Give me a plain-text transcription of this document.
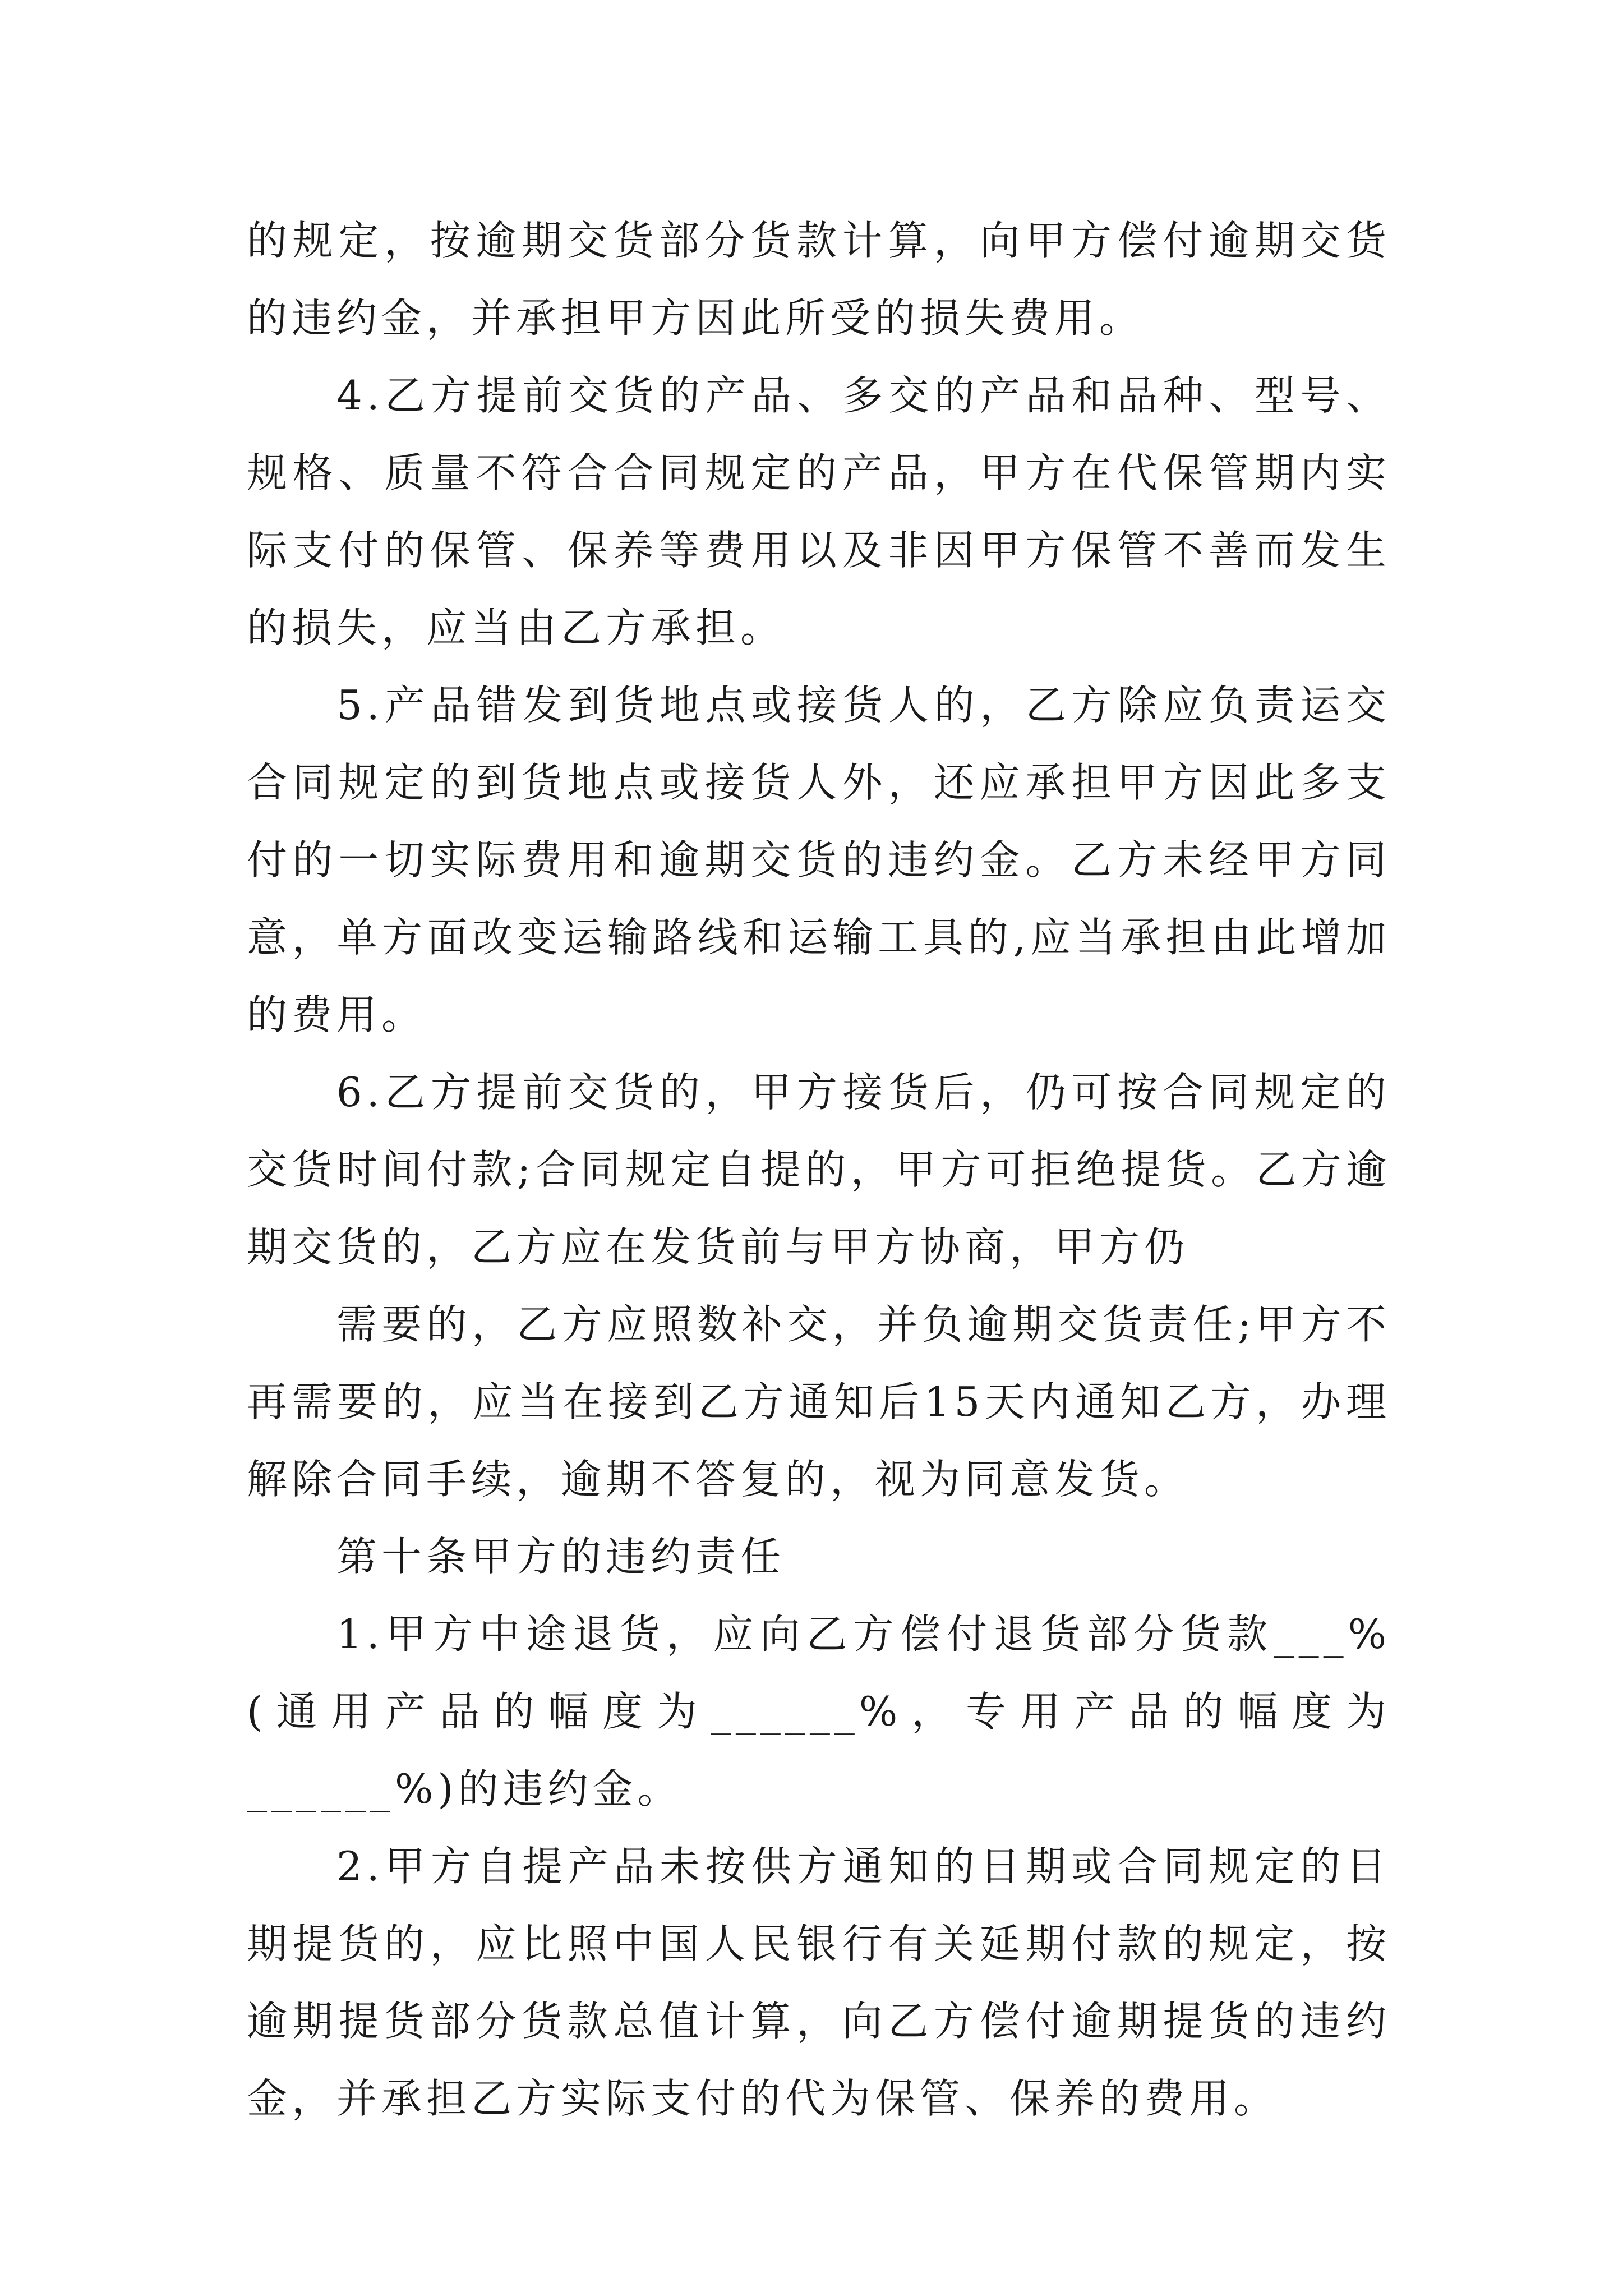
的规定，按逾期交货部分货款计算，向甲方偿付逾期交货的违约金，并承担甲方因此所受的损失费用。

4.乙方提前交货的产品、多交的产品和品种、型号、规格、质量不符合合同规定的产品，甲方在代保管期内实际支付的保管、保养等费用以及非因甲方保管不善而发生的损失，应当由乙方承担。

5.产品错发到货地点或接货人的，乙方除应负责运交合同规定的到货地点或接货人外，还应承担甲方因此多支付的一切实际费用和逾期交货的违约金。乙方未经甲方同意，单方面改变运输路线和运输工具的,应当承担由此增加的费用。

6.乙方提前交货的，甲方接货后，仍可按合同规定的交货时间付款;合同规定自提的，甲方可拒绝提货。乙方逾期交货的，乙方应在发货前与甲方协商，甲方仍

需要的，乙方应照数补交，并负逾期交货责任;甲方不再需要的，应当在接到乙方通知后15天内通知乙方，办理解除合同手续，逾期不答复的，视为同意发货。

第十条甲方的违约责任

1.甲方中途退货，应向乙方偿付退货部分货款___%(通用产品的幅度为______%，专用产品的幅度为______%)的违约金。

2.甲方自提产品未按供方通知的日期或合同规定的日期提货的，应比照中国人民银行有关延期付款的规定，按逾期提货部分货款总值计算，向乙方偿付逾期提货的违约金，并承担乙方实际支付的代为保管、保养的费用。
